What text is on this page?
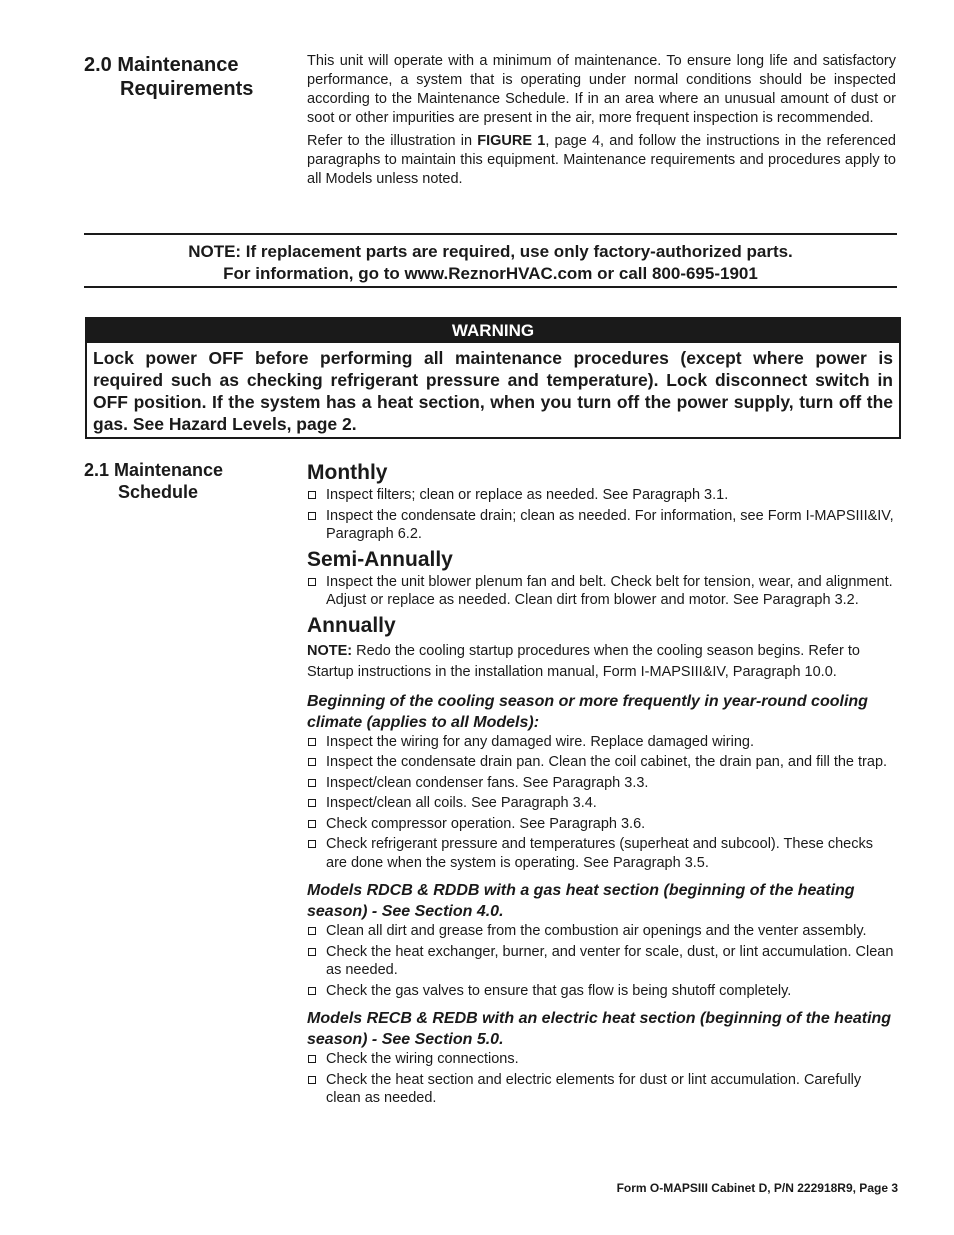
2.0 Maintenance
Requirements

This unit will operate with a minimum of maintenance. To ensure long life and satisfactory performance, a system that is operating under normal conditions should be inspected according to the Maintenance Schedule. If in an area where an unusual amount of dust or soot or other impurities are present in the air, more frequent inspection is recommended.

Refer to the illustration in FIGURE 1, page 4, and follow the instructions in the referenced paragraphs to maintain this equipment. Maintenance requirements and procedures apply to all Models unless noted.

NOTE: If replacement parts are required, use only factory-authorized parts.
For information, go to www.ReznorHVAC.com or call 800-695-1901
WARNING
Lock power OFF before performing all maintenance procedures (except where power is required such as checking refrigerant pressure and temperature). Lock disconnect switch in OFF position. If the system has a heat section, when you turn off the power supply, turn off the gas. See Hazard Levels, page 2.
2.1 Maintenance
Schedule
Monthly
Inspect filters; clean or replace as needed. See Paragraph 3.1.
Inspect the condensate drain; clean as needed. For information, see Form I-MAPSIII&IV, Paragraph 6.2.
Semi-Annually
Inspect the unit blower plenum fan and belt. Check belt for tension, wear, and alignment. Adjust or replace as needed. Clean dirt from blower and motor. See Paragraph 3.2.
Annually

NOTE: Redo the cooling startup procedures when the cooling season begins. Refer to Startup instructions in the installation manual, Form I-MAPSIII&IV, Paragraph 10.0.

Beginning of the cooling season or more frequently in year-round cooling climate (applies to all Models):

Inspect the wiring for any damaged wire. Replace damaged wiring.
Inspect the condensate drain pan. Clean the coil cabinet, the drain pan, and fill the trap.
Inspect/clean condenser fans. See Paragraph 3.3.
Inspect/clean all coils. See Paragraph 3.4.
Check compressor operation. See Paragraph 3.6.
Check refrigerant pressure and temperatures (superheat and subcool). These checks are done when the system is operating. See Paragraph 3.5.

Models RDCB & RDDB with a gas heat section (beginning of the heating season) - See Section 4.0.

Clean all dirt and grease from the combustion air openings and the venter assembly.
Check the heat exchanger, burner, and venter for scale, dust, or lint accumulation. Clean as needed.
Check the gas valves to ensure that gas flow is being shutoff completely.

Models RECB & REDB with an electric heat section (beginning of the heating season) - See Section 5.0.

Check the wiring connections.
Check the heat section and electric elements for dust or lint accumulation. Carefully clean as needed.
Form O-MAPSIII Cabinet D, P/N 222918R9, Page 3
